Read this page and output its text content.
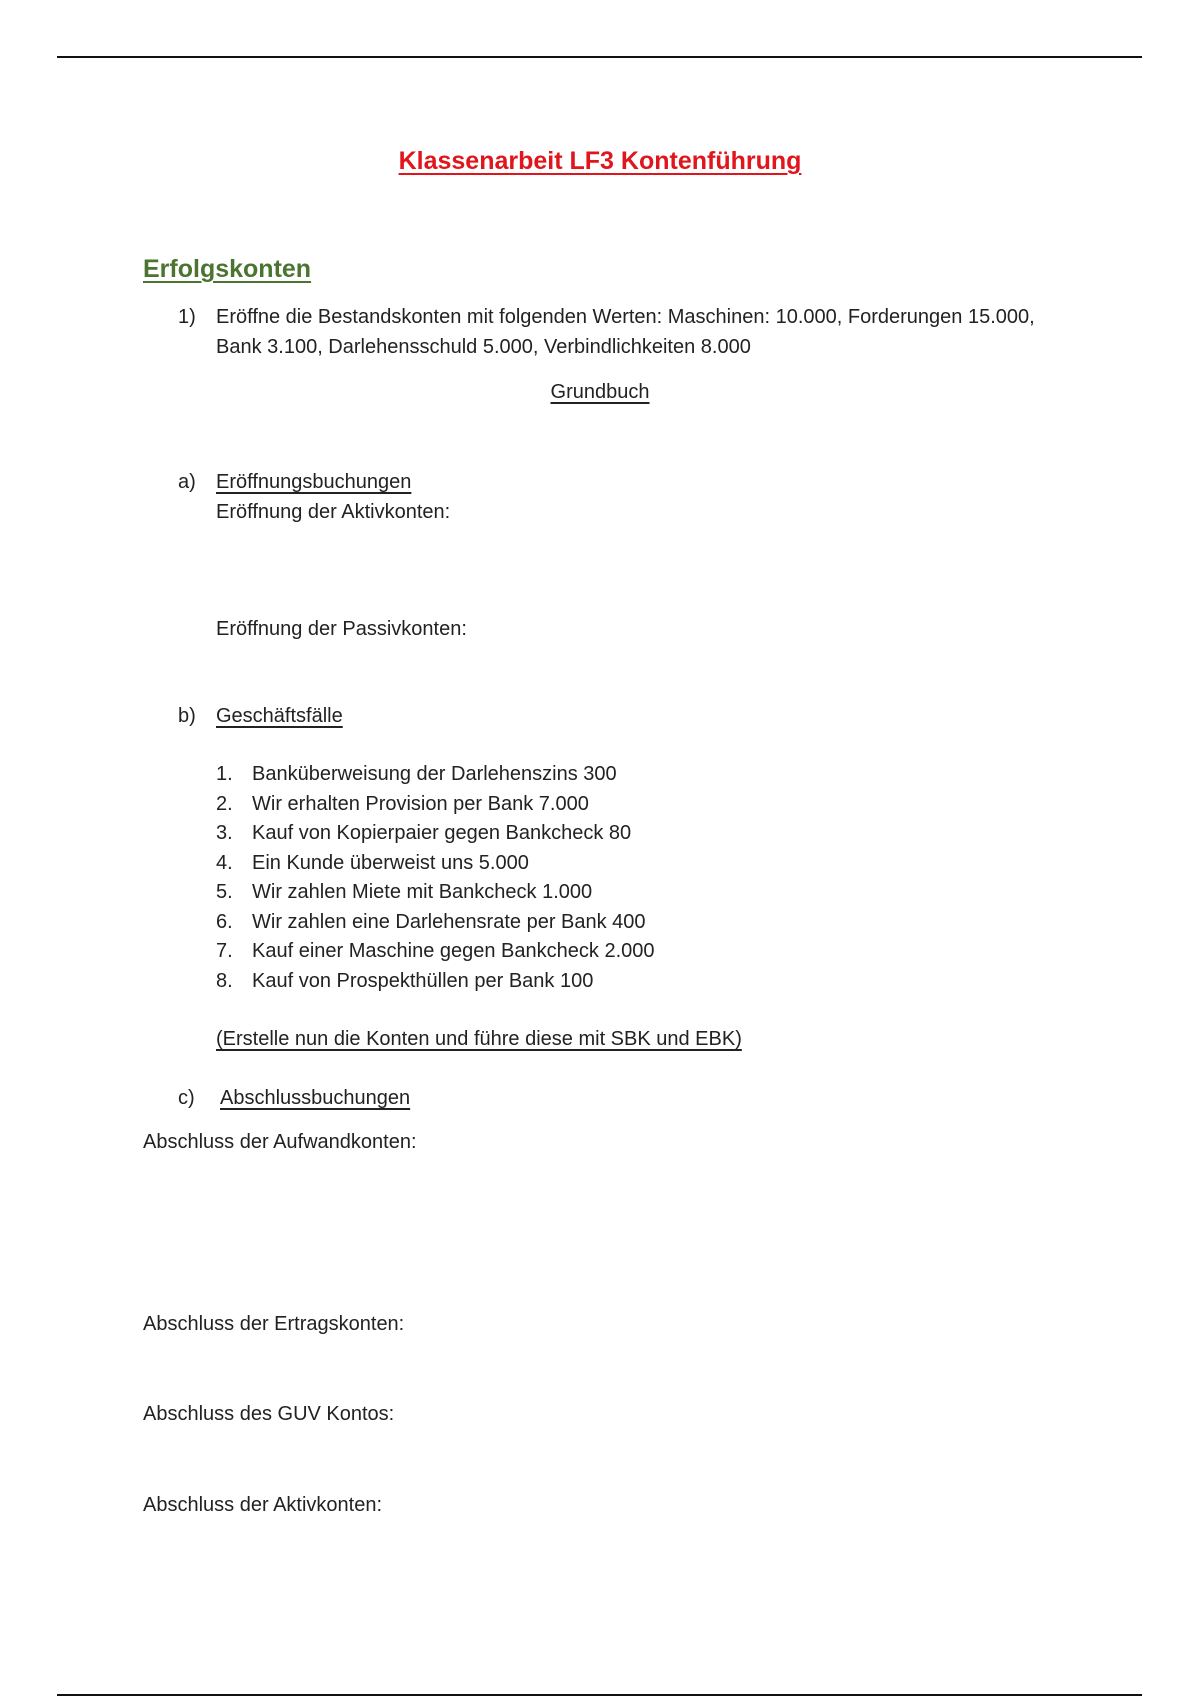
Klassenarbeit LF3 Kontenführung
Erfolgskonten
1) Eröffne die Bestandskonten mit folgenden Werten: Maschinen: 10.000, Forderungen 15.000,
Bank 3.100, Darlehensschuld 5.000, Verbindlichkeiten 8.000
Grundbuch
a) Eröffnungsbuchungen
Eröffnung der Aktivkonten:
Eröffnung der Passivkonten:
b) Geschäftsfälle
1. Banküberweisung der Darlehenszins 300
2. Wir erhalten Provision per Bank 7.000
3. Kauf von Kopierpaier gegen Bankcheck 80
4. Ein Kunde überweist uns 5.000
5. Wir zahlen Miete mit Bankcheck 1.000
6. Wir zahlen eine Darlehensrate per Bank 400
7. Kauf einer Maschine gegen Bankcheck 2.000
8. Kauf von Prospekthüllen per Bank 100
(Erstelle nun die Konten und führe diese mit SBK und EBK)
c) Abschlussbuchungen
Abschluss der Aufwandkonten:
Abschluss der Ertragskonten:
Abschluss des GUV Kontos:
Abschluss der Aktivkonten:
